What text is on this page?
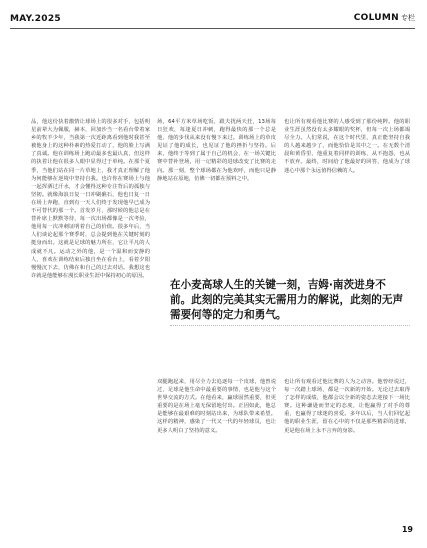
MAY.2025	COLUMN 专栏

品，他这份执着激情让球场上的很多对手，包括明星前辈大为佩服，赫本，回加沙当一名看台带着家乡的牧羊少年，当我第一次近距离看到他时我甚至被他身上的这种朴素的热爱打动了，他的脸上写满了真诚。他在训练场上跑动最多也最认真，但这样的执着让他在很多人眼中显得过于单纯。在那个夏季，当他们站在同一片草地上，我才真正理解了他为何能够在逆境中坚持自我。也许你在赛场上与他一起挥洒过汗水，才会懂得这种专注背后的孤独与坚韧。就像海浪日复一日冲刷礁石，他也日复一日在场上奔跑，直到有一天人们终于发现他早已成为不可替代的那一个。首发岁月，那时候的他总是在替补席上默默等待，每一次出场都像是一次考验，他用每一次冲刺证明着自己的价值。很多年后，当人们谈论起那个赛季时，总会提到他在关键时刻的挺身而出。这就是足球的魅力所在，它让平凡的人成就不凡。运动之外的他，是一个温和而安静的人，喜欢在训练结束后独自坐在看台上，看着夕阳慢慢沉下去，仿佛在和自己的过去对话。我想这也许就是他能够在漫长职业生涯中保持初心的原因。

场，64平方米草场吃饭，跟夫扰两天狂，13场每日狂欢，每逢夏日冲刺，跑得最快的那一个总是他，他的步伐从来没有慢下来过。训练场上的草皮见证了他的成长，也见证了他的挫折与坚持。后来，他终于等到了属于自己的机会，在一场关键比赛中替补登场，用一记精彩的进球改变了比赛的走向。那一刻，整个球场都在为他欢呼，而他只是静静地站在原地，仿佛一切都在预料之中。

也让所有观看他比赛的人感受到了那份纯粹。他的职业生涯虽然没有太多耀眼的奖杯，但每一次上场都竭尽全力。人们常说，在这个时代里，真正能坚持自我的人越来越少了，而他恰恰是其中之一。在无数个清晨和黄昏里，他重复着同样的训练，从不抱怨，也从不放弃。最终，时间给了他最好的回答，他成为了球迷心中那个永远值得信赖的人。

在小麦高球人生的关键一刻，吉姆·南茨进身不前。此刻的完美其实无需用力的解说，此刻的无声需要何等的定力和勇气。

双腿跑起来，用尽全力去追逐每一个皮球，他曾说过，足球是他生命中最重要的事情，也是他与这个世界交流的方式。在他看来，赢球固然重要，但更重要的是在场上毫无保留地付出。正因如此，他总是能够在最艰难的时刻站出来，为球队带来希望。这样的精神，感染了一代又一代的年轻球员，也让更多人明白了坚持的意义。

也让所有观看过他比赛的人为之动容。他曾经说过，每一次踏上球场，都是一次新的开始。无论过去取得了怎样的成绩，他都会以全新的姿态去迎接下一场比赛。这种谦逊而坚定的态度，让他赢得了对手的尊重，也赢得了球迷的喜爱。多年以后，当人们回忆起他的职业生涯，留在心中的不仅是那些精彩的进球，更是他在场上永不言弃的身影。

19
